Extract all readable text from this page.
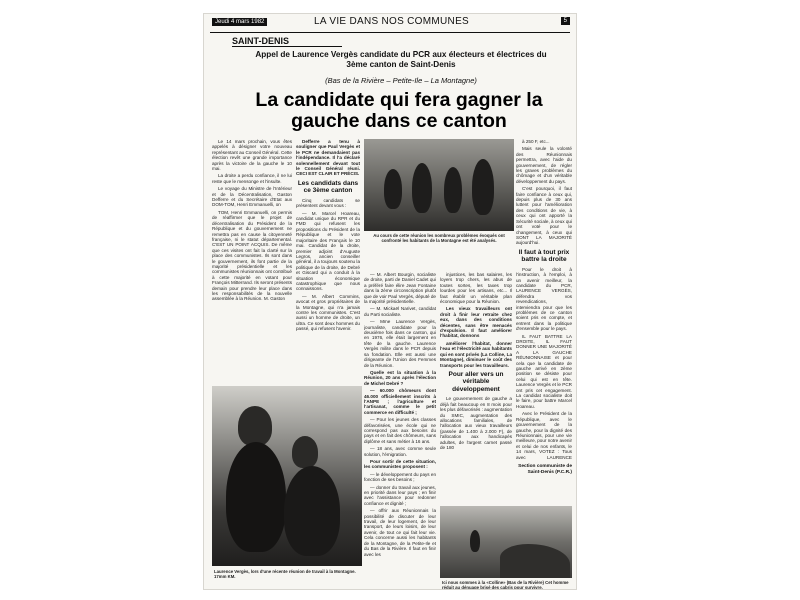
Jeudi 4 mars 1982	LA VIE DANS NOS COMMUNES	5
SAINT-DENIS
Appel de Laurence Vergès candidate du PCR aux électeurs et électrices du 3ème canton de Saint-Denis
(Bas de la Rivière – Petite-Ile – La Montagne)
La candidate qui fera gagner la gauche dans ce canton

Le 14 mars prochain, vous êtes appelés à désigner votre nouveau représentant au Conseil Général. Cette élection revêt une grande importance après la victoire de la gauche le 10 mai.

La droite a perdu confiance, il ne lui reste que le mensonge et l'insulte.

Le voyage du Ministre de l'Intérieur et de la Décentralisation, Gaston Defferre et du Secrétaire d'Etat aux DOM-TOM, Henri Emmanuelli, on

TOM, Henri Emmanuelli, on permis de réaffirmer que le projet de décentralisation du Président de la République et du gouvernement ne remettra pas en cause la citoyenneté française, ni le statut départemental. C'EST UN POINT ACQUIS. De même que ces visites ont fait la clarté sur la place des communistes. Ils sont dans le gouvernement, ils font partie de la majorité présidentielle et les communistes réunionnais ont contribué à cette majorité en votant pour François Mitterrand. Ils seront présents demain pour prendre leur place dans les responsabilités de la nouvelle assemblée à la Réunion. M. Gaston

Defferre a tenu à souligner que Paul Vergès et le PCR ne demandaient pas l'indépendance. Il l'a déclaré solennellement devant tout le Conseil Général réuni. CECI EST CLAIR ET PRÉCIS.

Les candidats dans ce 3ème canton

Cinq candidats se présentent devant vous :

— M. Marcel Hoareau, candidat unique du RPR et du FMD qui refusent les propositions du Président de la République et le vote majoritaire des Français le 10 mai. Candidat de la droite, premier adjoint d'Auguste Legros, ancien conseiller général, il a toujours soutenu la politique de la droite, de Debré et Giscard qui a conduit à la situation économique catastrophique que nous connaissons.

— M. Albert Commins, avocat et gros propriétaires de la Montagne, qui n'a jamais contre les communistes. C'est aussi un homme de droite, un ultra. Ce sont deux hommes du passé, qui refusent l'avenir.

Au cours de cette réunion les nombreux problèmes évoqués ont confronté les habitants de la Montagne est été analysés.

— M. Albert Bourgin, socialiste de droite, parti de Daniel Cadet qui a préféré faire élire Jean Fontaine dans la 2ème circonscription plutôt que de voir Paul Vergès, député de la majorité présidentielle.

— M. Mickaël Narivet, candidat du Parti socialiste.

— Mme Laurence Vergès, journaliste, candidate pour la deuxième fois dans ce canton, qui en 1976, elle était largement en tête de la gauche. Laurence Vergès milite dans le PCR depuis sa fondation. Elle est aussi une dirigeante de l'Union des Femmes de la Réunion.

Quelle est la situation à la Réunion, 20 ans après l'élection de Michel Debré ?

— 60.000 chômeurs dont 46.000 officiellement inscrits à l'ANPE ; l'agriculture et l'artisanat, comme le petit commerce en difficulté ;

— Pour les jeunes des classes défavorisées, une école qui ne correspond pas aux besoins du pays et en fait des chômeurs, sans diplôme et sans métier à 16 ans.

— 18 ans, avec comme seule solution, l'émigration.

Pour sortir de cette situation, les communistes proposent :

— le développement du pays en fonction de ses besoins ;

— donner du travail aux jeunes, en priorité dans leur pays ; en finir avec l'assistance pour redonner confiance et dignité ;

— offrir aux Réunionnais la possibilité de discuter de leur travail, de leur logement, de leur transport, de leurs loisirs, de leur avenir, de tout ce qui fait leur vie. Cela concerne aussi les habitants de la Montagne, de la Petite-Ile et du Bas de la Rivière. Il faut en finir avec les

injustices, les bas salaires, les loyers trop chers, les abus de toutes sortes, les taxes trop lourdes pour les artisans, etc... Il faut établir un véritable plan économique pour la Réunion.

Les vieux travailleurs ont droit à finir leur retraite chez eux, dans des conditions décentes, sans être menacés d'expulsion. Il faut améliorer l'habitat, donnons

améliorer l'habitat, donner l'eau et l'électricité aux habitants qui en sont privés (La Colline, La Montagne), diminuer le coût des transports pour les travailleurs.

Pour aller vers un véritable développement

Le gouvernement de gauche a déjà fait beaucoup en 8 mois pour les plus défavorisés : augmentation du SMIC, augmentation des allocations familiales, de l'allocation aux vieux travailleurs (passée de 1.400 à 2.000 F), de l'allocation aux handicapés adultes, de l'argent carnet passé de 180

à 250 F, etc...

Mais seule la volonté des Réunionnais permettra, avec l'aide du gouvernement, de régler les graves problèmes du chômage et d'un véritable développement du pays.

C'est pourquoi, il faut faire confiance à ceux qui, depuis plus de 30 ans luttent pour l'amélioration des conditions de vie, à ceux qui ont apporté la Sécurité sociale, à ceux qui ont voté pour le changement, à ceux qui SONT LA MAJORITÉ aujourd'hui.

Il faut à tout prix battre la droite

Pour le droit à l'instruction, à l'emploi, à un avenir meilleur, la candidate du PCR, LAURENCE VERGÈS, défendra vos revendications, interviendra pour que les problèmes de ce canton soient pris en compte, et entrent dans la politique d'ensemble pour le pays.

IL FAUT BATTRE LA DROITE, IL FAUT DONNER UNE MAJORITÉ A LA GAUCHE RÉUNIONNAISE et pour cela que la candidate de gauche arrivé en 2ème position se désiste pour celui qui est en tête. Laurence Vergès et le PCR ont pris cet engagement. La candidat socialiste doit le faire, pour battre Marcel Hoareau.

Avec le Président de la République, avec le gouvernement de la gauche, pour la dignité des Réunionnais, pour une vie meilleure, pour notre avenir et celui de nos enfants, le 14 mars, VOTEZ : Tous avec LAURENCE

Section communiste de Saint-Denis (P.C.R.)
Laurence Vergès, lors d'une récente réunion de travail à la Montagne. 17mm KM.
Ici nous sommes à la «Colline» (Bas de la Rivière) Cet homme réduit au dénuage brisé des cabris pour survivre.
